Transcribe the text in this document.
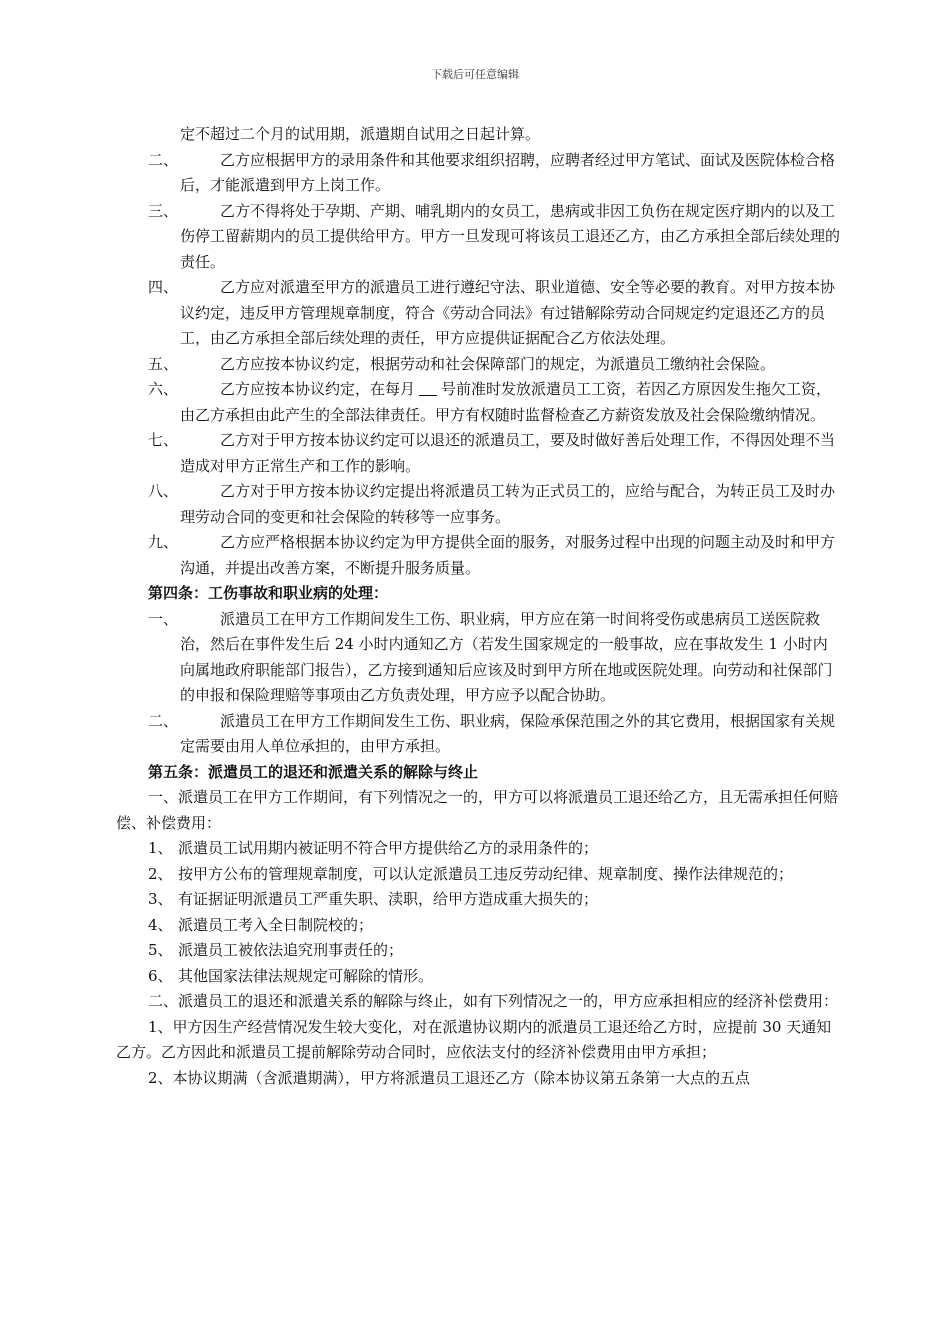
下载后可任意编辑

定不超过二个月的试用期，派遣期自试用之日起计算。

二、	乙方应根据甲方的录用条件和其他要求组织招聘，应聘者经过甲方笔试、面试及医院体检合格后，才能派遣到甲方上岗工作。
三、	乙方不得将处于孕期、产期、哺乳期内的女员工，患病或非因工负伤在规定医疗期内的以及工伤停工留薪期内的员工提供给甲方。甲方一旦发现可将该员工退还乙方，由乙方承担全部后续处理的责任。
四、	乙方应对派遣至甲方的派遣员工进行遵纪守法、职业道德、安全等必要的教育。对甲方按本协议约定，违反甲方管理规章制度，符合《劳动合同法》有过错解除劳动合同规定约定退还乙方的员工，由乙方承担全部后续处理的责任，甲方应提供证据配合乙方依法处理。
五、	乙方应按本协议约定，根据劳动和社会保障部门的规定，为派遣员工缴纳社会保险。
六、	乙方应按本协议约定，在每月 号前准时发放派遣员工工资，若因乙方原因发生拖欠工资，由乙方承担由此产生的全部法律责任。甲方有权随时监督检查乙方薪资发放及社会保险缴纳情况。
七、	乙方对于甲方按本协议约定可以退还的派遣员工，要及时做好善后处理工作，不得因处理不当造成对甲方正常生产和工作的影响。
八、	乙方对于甲方按本协议约定提出将派遣员工转为正式员工的，应给与配合，为转正员工及时办理劳动合同的变更和社会保险的转移等一应事务。
九、	乙方应严格根据本协议约定为甲方提供全面的服务，对服务过程中出现的问题主动及时和甲方沟通，并提出改善方案，不断提升服务质量。

第四条：工伤事故和职业病的处理：

一、	派遣员工在甲方工作期间发生工伤、职业病，甲方应在第一时间将受伤或患病员工送医院救治，然后在事件发生后 24 小时内通知乙方（若发生国家规定的一般事故，应在事故发生 1 小时内向属地政府职能部门报告），乙方接到通知后应该及时到甲方所在地或医院处理。向劳动和社保部门的申报和保险理赔等事项由乙方负责处理，甲方应予以配合协助。
二、	派遣员工在甲方工作期间发生工伤、职业病，保险承保范围之外的其它费用，根据国家有关规定需要由用人单位承担的，由甲方承担。

第五条：派遣员工的退还和派遣关系的解除与终止

一、派遣员工在甲方工作期间，有下列情况之一的，甲方可以将派遣员工退还给乙方，且无需承担任何赔偿、补偿费用：

1、 派遣员工试用期内被证明不符合甲方提供给乙方的录用条件的；
2、 按甲方公布的管理规章制度，可以认定派遣员工违反劳动纪律、规章制度、操作法律规范的；
3、 有证据证明派遣员工严重失职、渎职，给甲方造成重大损失的；
4、 派遣员工考入全日制院校的；
5、 派遣员工被依法追究刑事责任的；
6、 其他国家法律法规规定可解除的情形。

二、派遣员工的退还和派遣关系的解除与终止，如有下列情况之一的，甲方应承担相应的经济补偿费用：

1、甲方因生产经营情况发生较大变化，对在派遣协议期内的派遣员工退还给乙方时，应提前 30 天通知乙方。乙方因此和派遣员工提前解除劳动合同时，应依法支付的经济补偿费用由甲方承担；

2、本协议期满（含派遣期满），甲方将派遣员工退还乙方（除本协议第五条第一大点的五点
